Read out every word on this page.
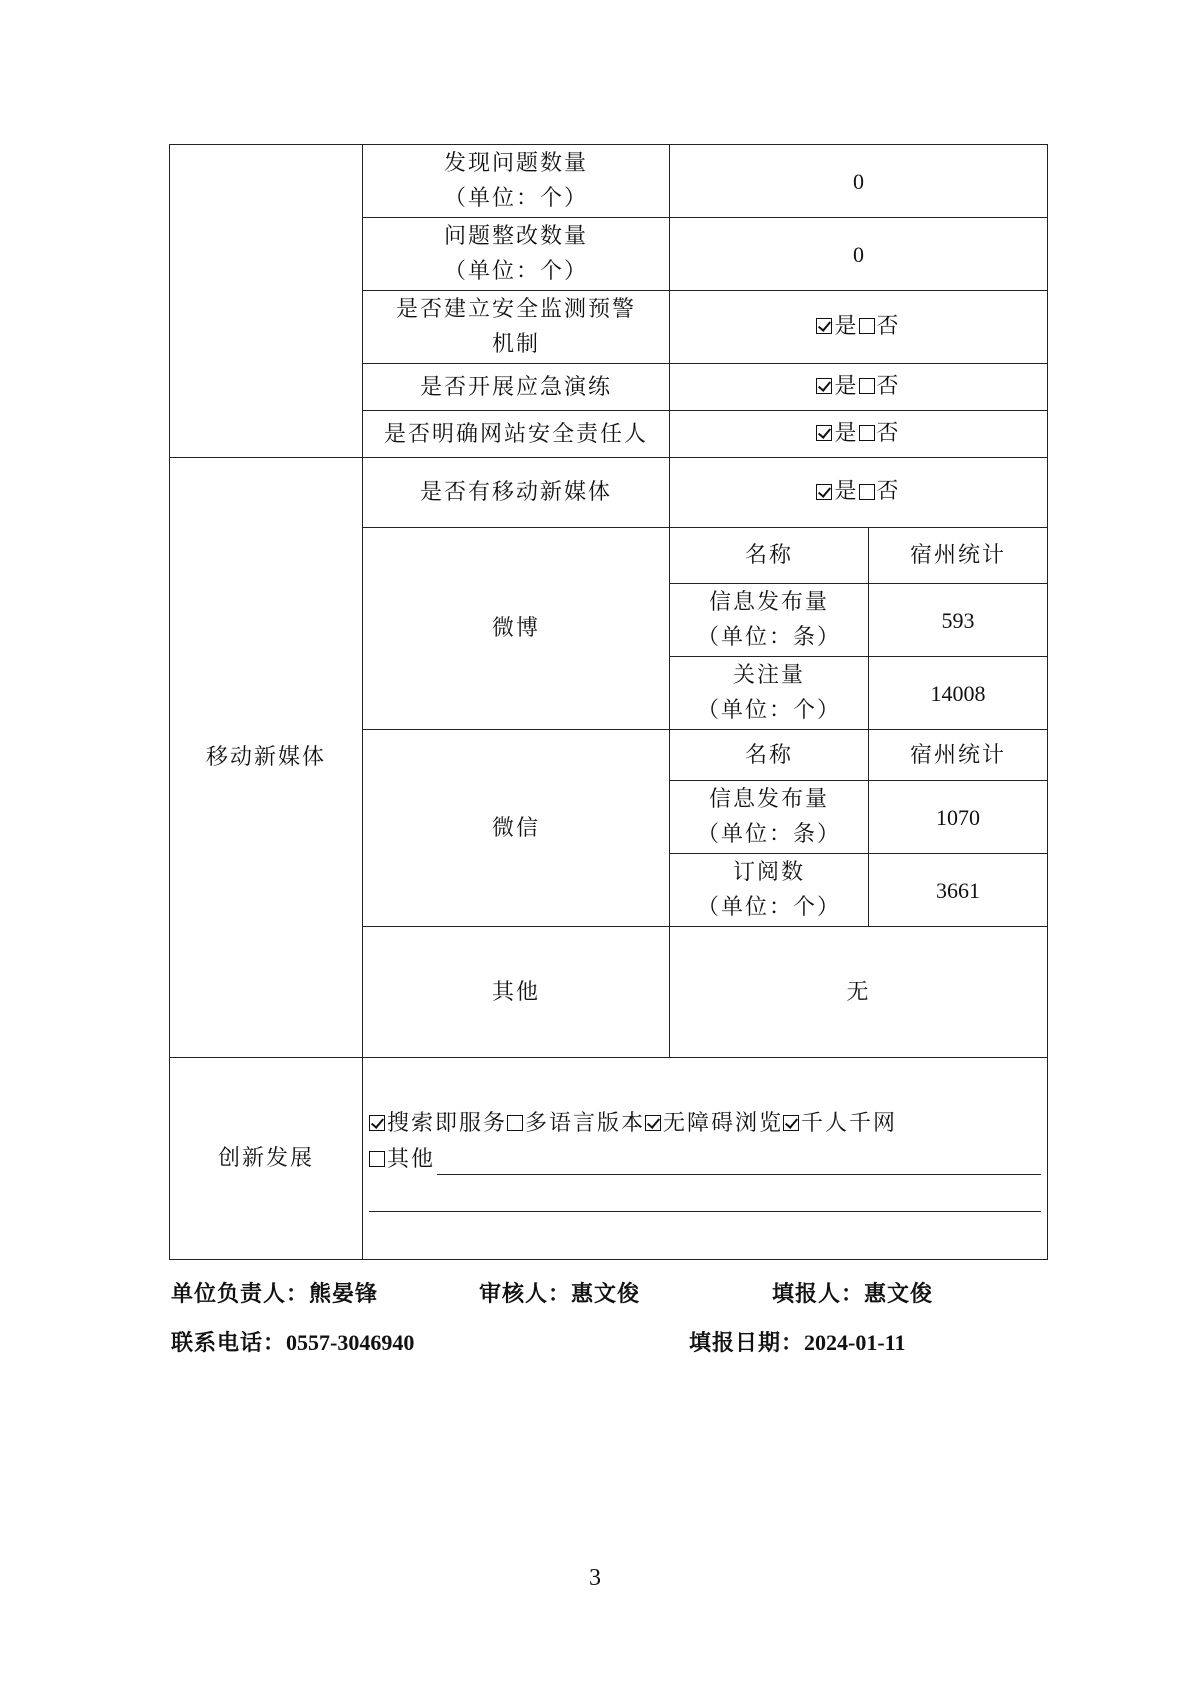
	发现问题数量
（单位：个）	0	

	问题整改数量
（单位：个）	0	

	是否建立安全监测预警
机制	是 否	

	是否开展应急演练	是 否	

	是否明确网站安全责任人	是 否	

移动新媒体	是否有移动新媒体	是 否	

	微博	名称	宿州统计

		信息发布量
（单位：条）	593

		关注量
（单位：个）	14008
	微信	名称	宿州统计

		信息发布量
（单位：条）	1070

		订阅数
（单位：个）	3661
	其他	无	
创新发展	搜索即服务 多语言版本 无障碍浏览 千人千网
其他		
单位负责人：熊晏锋	审核人：惠文俊	填报人：惠文俊
联系电话：0557-3046940	填报日期：2024-01-11
3
